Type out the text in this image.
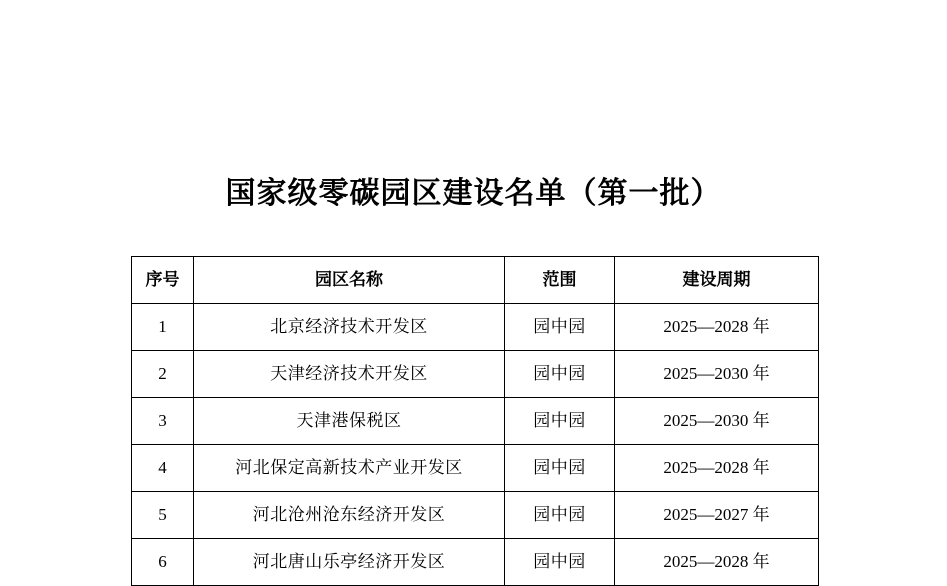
国家级零碳园区建设名单（第一批）
序号	园区名称	范围	建设周期
1	北京经济技术开发区	园中园	2025—2028 年
2	天津经济技术开发区	园中园	2025—2030 年
3	天津港保税区	园中园	2025—2030 年
4	河北保定高新技术产业开发区	园中园	2025—2028 年
5	河北沧州沧东经济开发区	园中园	2025—2027 年
6	河北唐山乐亭经济开发区	园中园	2025—2028 年
